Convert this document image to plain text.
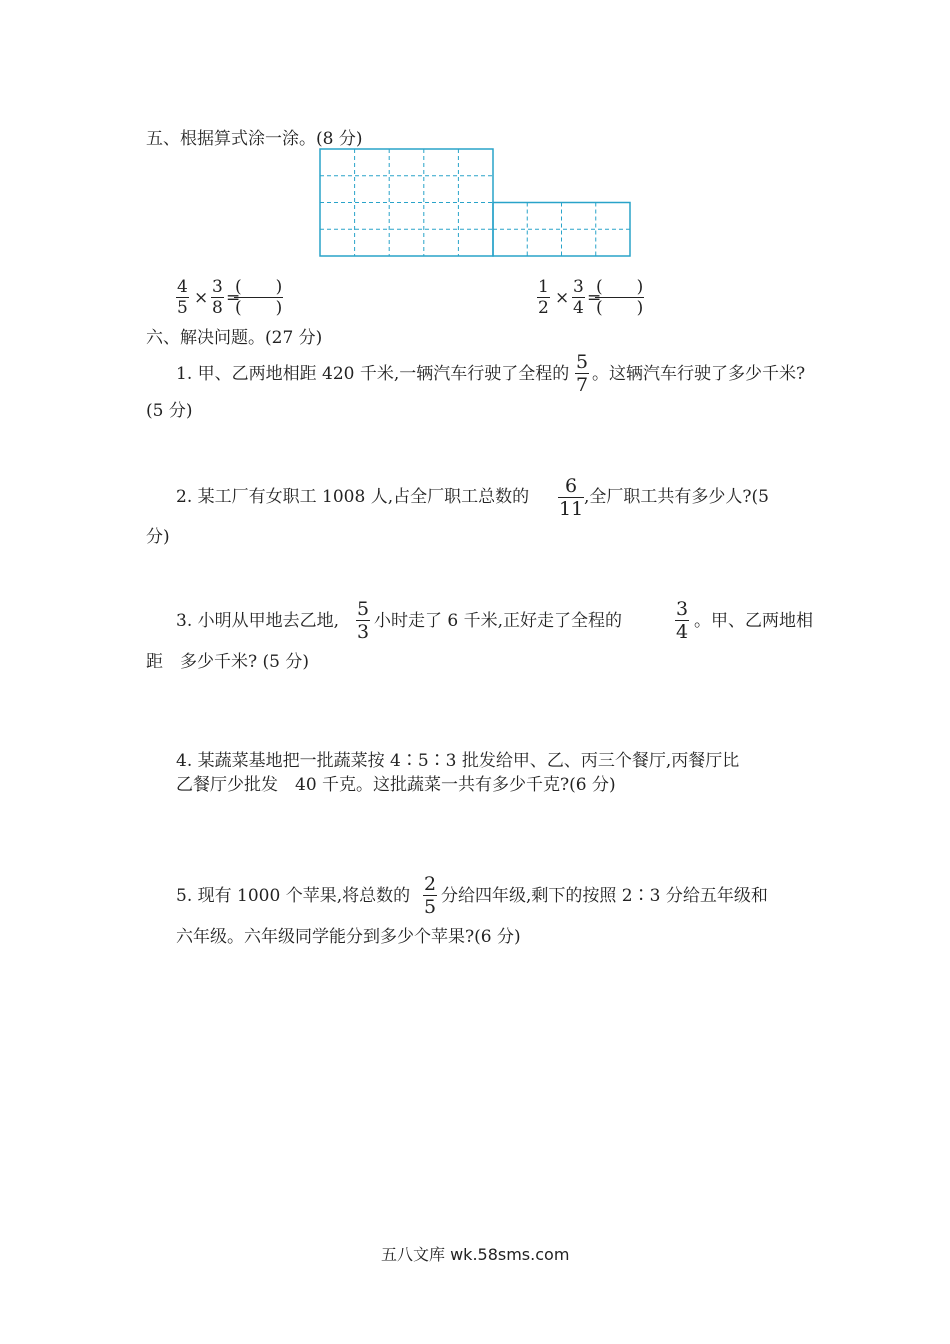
五、根据算式涂一涂。(8 分)
4
5 ×
3
8 =
(　　)
(　　)
1
2 ×
3
4 =
(　　)
(　　)
六、解决问题。(27 分)
1. 甲、乙两地相距 420 千米,一辆汽车行驶了全程的
5
7 。这辆汽车行驶了多少千米?
(5 分)
2. 某工厂有女职工 1008 人,占全厂职工总数的 6
11
,全厂职工共有多少人?(5
分)
3. 小明从甲地去乙地,
5
3 小时走了 6 千米,正好走了全程的
3
4 。甲、乙两地相
距　多少千米? (5 分)
4. 某蔬菜基地把一批蔬菜按 4∶5∶3 批发给甲、乙、丙三个餐厅,丙餐厅比
乙餐厅少批发　40 千克。这批蔬菜一共有多少千克?(6 分)
5. 现有 1000 个苹果,将总数的
2
5 分给四年级,剩下的按照 2∶3 分给五年级和
六年级。六年级同学能分到多少个苹果?(6 分)
五八文库 wk.58sms.com
